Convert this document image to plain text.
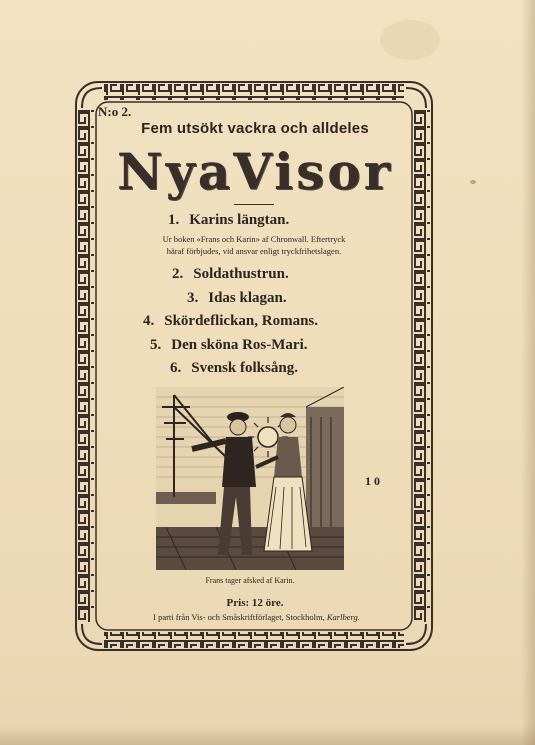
N:o 2.
Fem utsökt vackra och alldeles
NyaVisor
1. Karins längtan.
Ur boken «Frans och Karin» af Chronwall. Eftertryck
häraf förbjudes, vid ansvar enligt tryckfrihetslagen.
2. Soldathustrun.
3. Idas klagan.
4. Skördeflickan, Romans.
5. Den sköna Ros-Mari.
6. Svensk folksång.
Frans tager afsked af Karin.
10
Pris: 12 öre.
I parti från Vis- och Småskriftförlaget, Stockholm, Karlberg.
